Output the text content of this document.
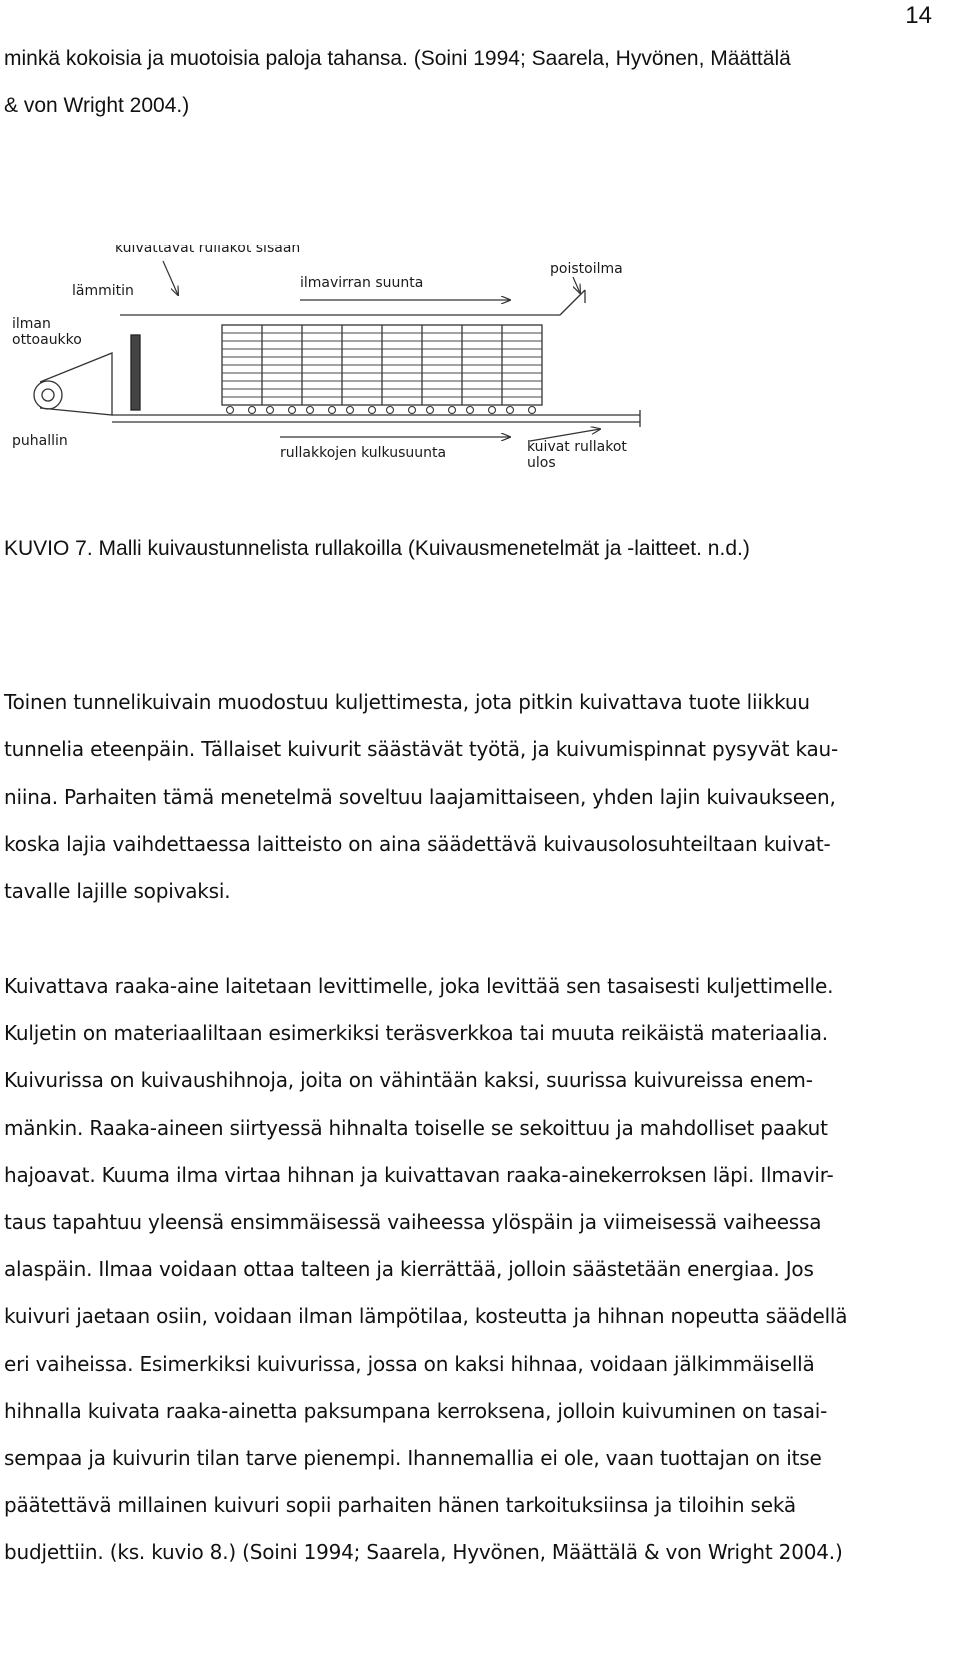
14

minkä kokoisia ja muotoisia paloja tahansa. (Soini 1994; Saarela, Hyvönen, Määttälä

& von Wright 2004.)

kuivattavat rullakot sisään
lämmitin	ilmavirran suunta
poistoilma
ilman
ottoaukko
puhallin
rullakkojen kulkusuunta	kuivat rullakot
ulos

KUVIO 7. Malli kuivaustunnelista rullakoilla (Kuivausmenetelmät ja -laitteet. n.d.)

Toinen tunnelikuivain muodostuu kuljettimesta, jota pitkin kuivattava tuote liikkuu

tunnelia eteenpäin. Tällaiset kuivurit säästävät työtä, ja kuivumispinnat pysyvät kau-

niina. Parhaiten tämä menetelmä soveltuu laajamittaiseen, yhden lajin kuivaukseen,

koska lajia vaihdettaessa laitteisto on aina säädettävä kuivausolosuhteiltaan kuivat-

tavalle lajille sopivaksi.

Kuivattava raaka-aine laitetaan levittimelle, joka levittää sen tasaisesti kuljettimelle.

Kuljetin on materiaaliltaan esimerkiksi teräsverkkoa tai muuta reikäistä materiaalia.

Kuivurissa on kuivaushihnoja, joita on vähintään kaksi, suurissa kuivureissa enem-

mänkin. Raaka-aineen siirtyessä hihnalta toiselle se sekoittuu ja mahdolliset paakut

hajoavat. Kuuma ilma virtaa hihnan ja kuivattavan raaka-ainekerroksen läpi. Ilmavir-

taus tapahtuu yleensä ensimmäisessä vaiheessa ylöspäin ja viimeisessä vaiheessa

alaspäin. Ilmaa voidaan ottaa talteen ja kierrättää, jolloin säästetään energiaa. Jos

kuivuri jaetaan osiin, voidaan ilman lämpötilaa, kosteutta ja hihnan nopeutta säädellä

eri vaiheissa. Esimerkiksi kuivurissa, jossa on kaksi hihnaa, voidaan jälkimmäisellä

hihnalla kuivata raaka-ainetta paksumpana kerroksena, jolloin kuivuminen on tasai-

sempaa ja kuivurin tilan tarve pienempi. Ihannemallia ei ole, vaan tuottajan on itse

päätettävä millainen kuivuri sopii parhaiten hänen tarkoituksiinsa ja tiloihin sekä

budjettiin. (ks. kuvio 8.) (Soini 1994; Saarela, Hyvönen, Määttälä & von Wright 2004.)
